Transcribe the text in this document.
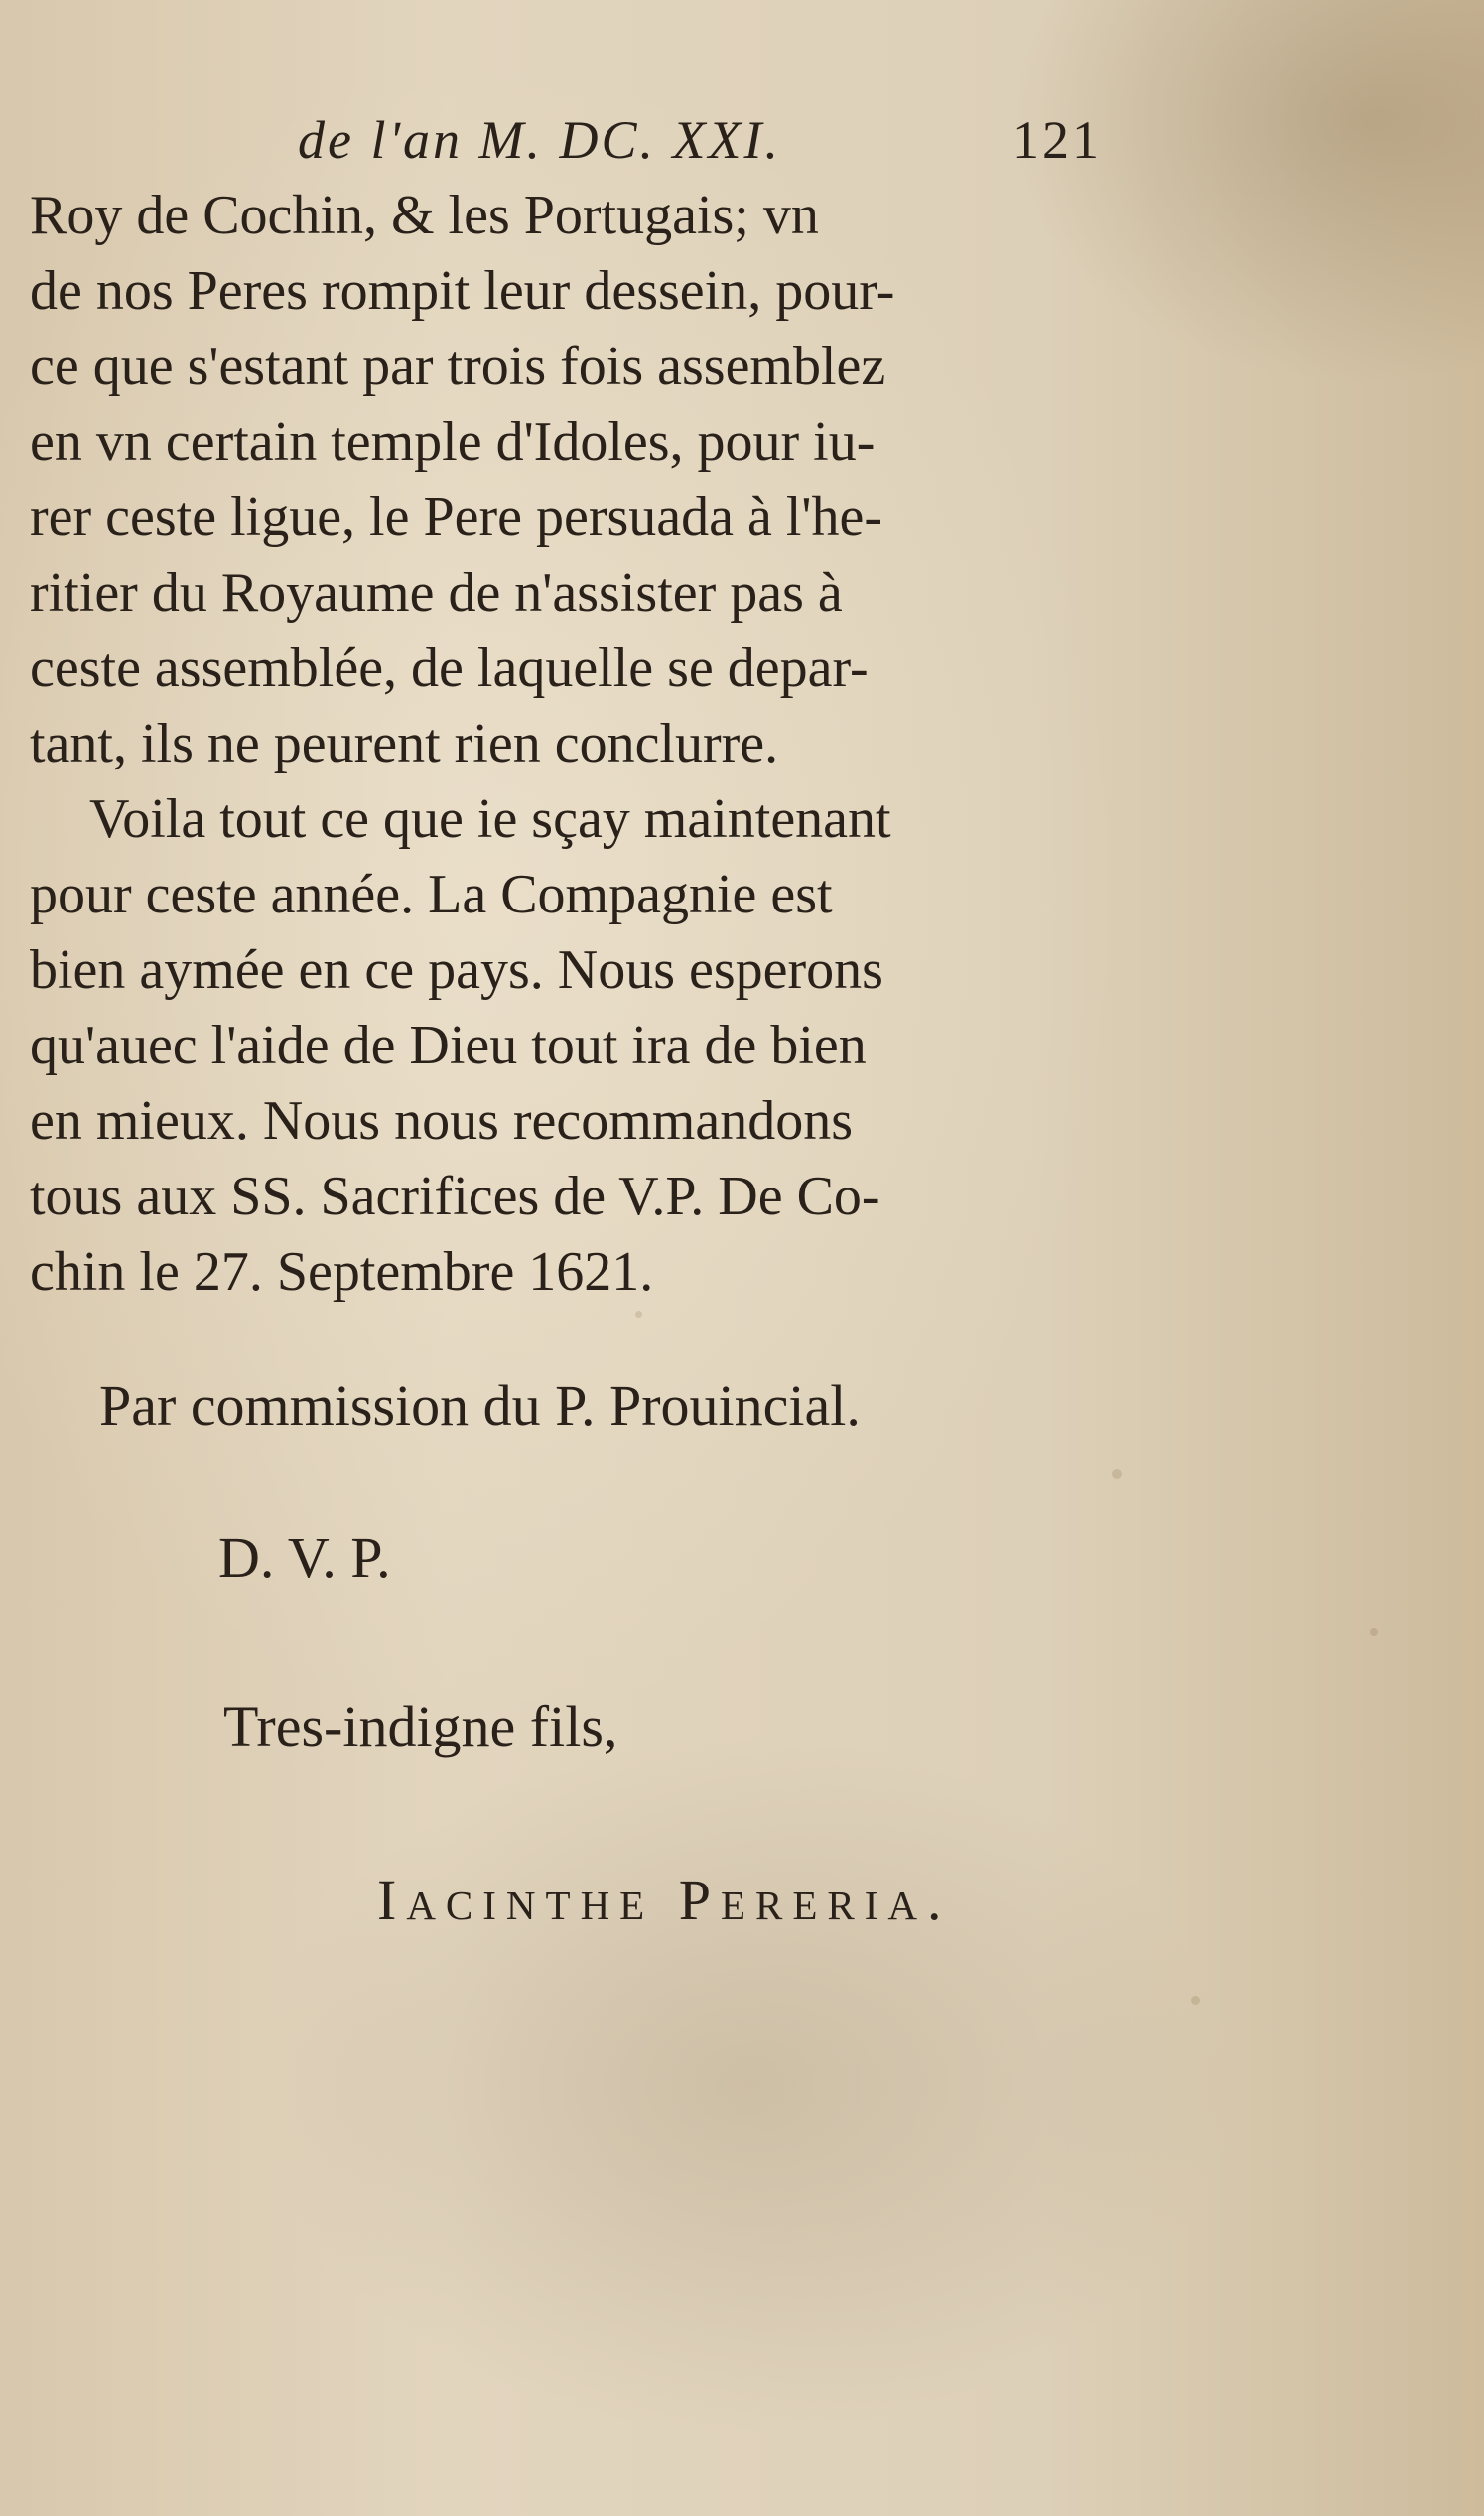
de l'an M. DC. XXI.	121
Roy de Cochin, & les Portugais; vn
de nos Peres rompit leur dessein, pour-
ce que s'estant par trois fois assemblez
en vn certain temple d'Idoles, pour iu-
rer ceste ligue, le Pere persuada à l'he-
ritier du Royaume de n'assister pas à
ceste assemblée, de laquelle se depar-
tant, ils ne peurent rien conclurre.
Voila tout ce que ie sçay maintenant
pour ceste année. La Compagnie est
bien aymée en ce pays. Nous esperons
qu'auec l'aide de Dieu tout ira de bien
en mieux. Nous nous recommandons
tous aux SS. Sacrifices de V.P. De Co-
chin le 27. Septembre 1621.
Par commission du P. Prouincial.
D. V. P.
Tres-indigne fils,
Iacinthe Pereria.
